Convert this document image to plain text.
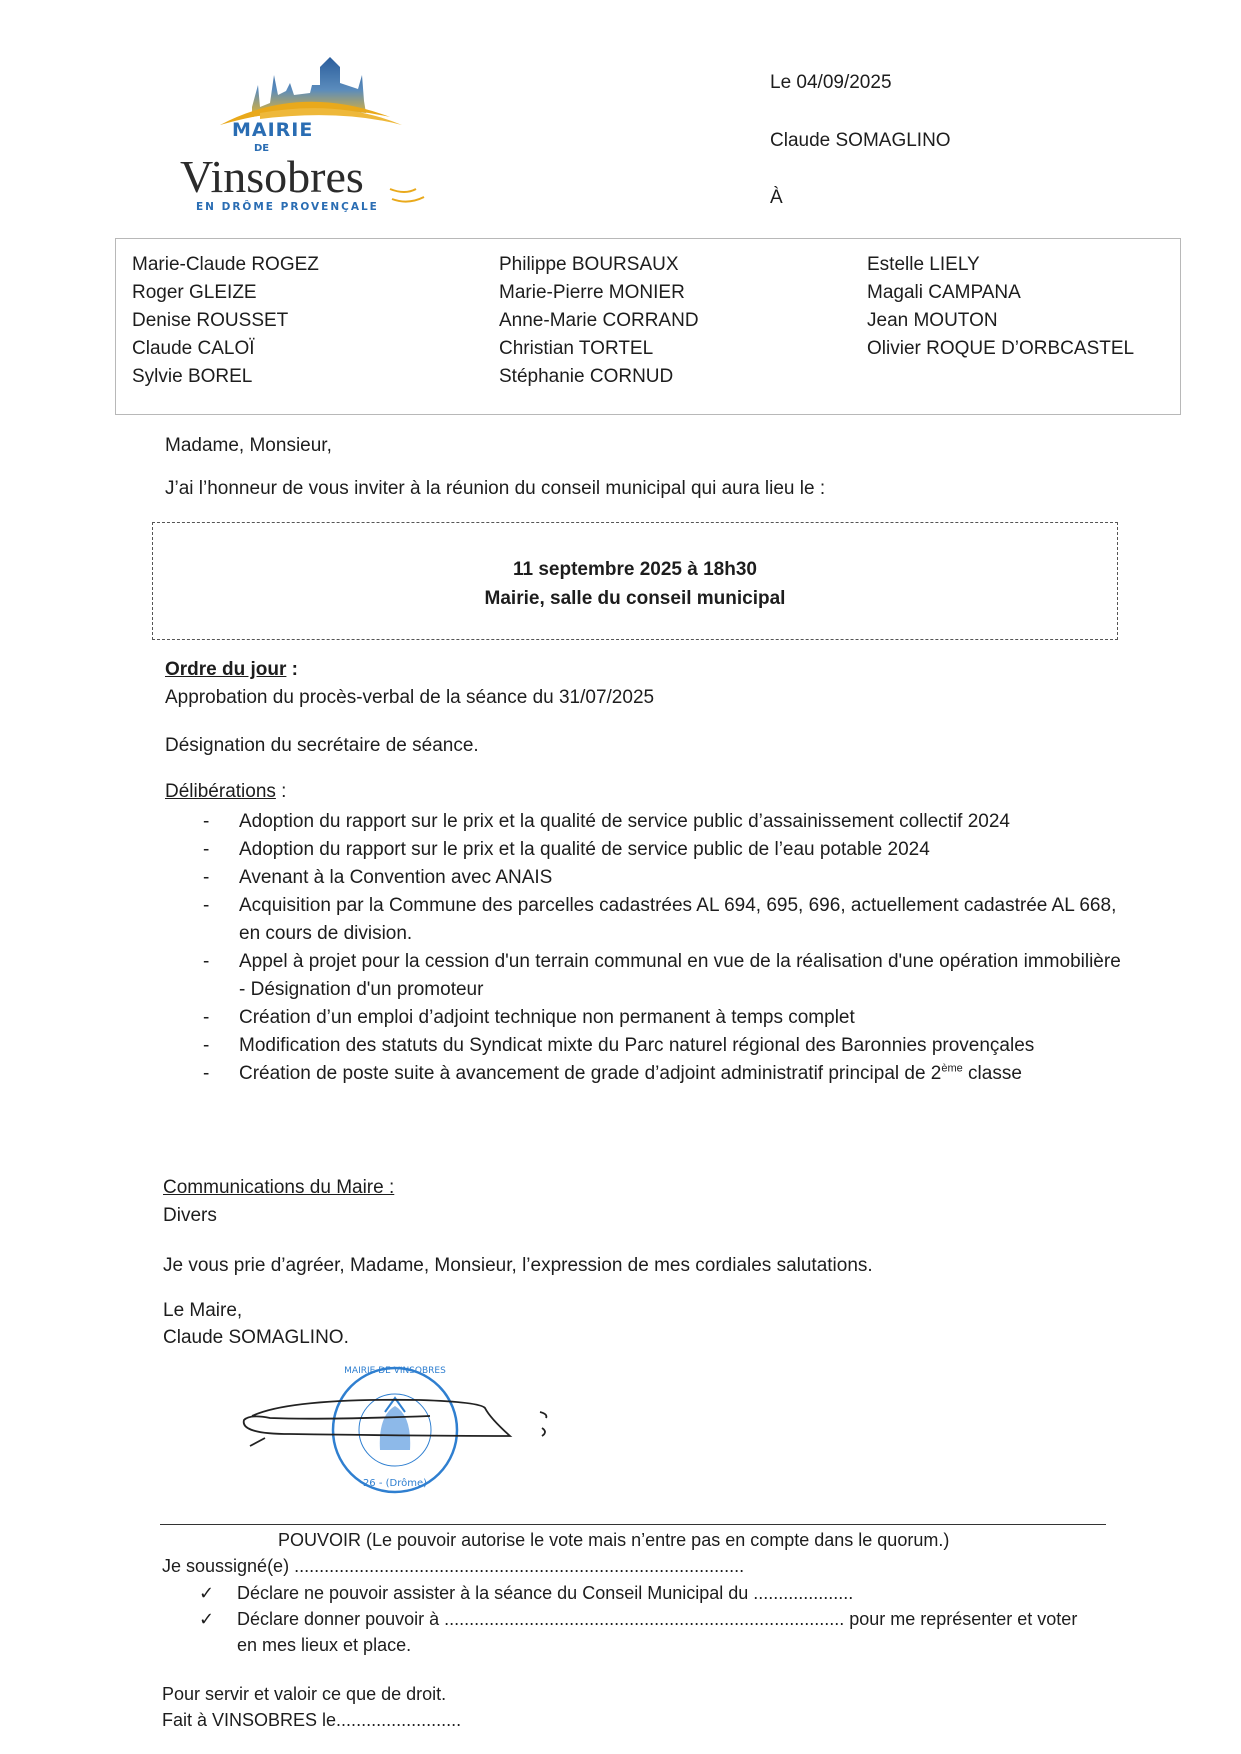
MAIRIE
DE
Vinsobres
EN DRÔME PROVENÇALE
Le 04/09/2025
Claude SOMAGLINO
À
Marie-Claude ROGEZ
Roger GLEIZE
Denise ROUSSET
Claude CALOÏ
Sylvie BOREL
Philippe BOURSAUX
Marie-Pierre MONIER
Anne-Marie CORRAND
Christian TORTEL
Stéphanie CORNUD
Estelle LIELY
Magali CAMPANA
Jean MOUTON
Olivier ROQUE D’ORBCASTEL
Madame, Monsieur,
J’ai l’honneur de vous inviter à la réunion du conseil municipal qui aura lieu le :
11 septembre 2025 à 18h30
Mairie, salle du conseil municipal
Ordre du jour :
Approbation du procès-verbal de la séance du 31/07/2025
Désignation du secrétaire de séance.
Délibérations :
- Adoption du rapport sur le prix et la qualité de service public d’assainissement collectif 2024
- Adoption du rapport sur le prix et la qualité de service public de l’eau potable 2024
- Avenant à la Convention avec ANAIS
- Acquisition par la Commune des parcelles cadastrées AL 694, 695, 696, actuellement cadastrée AL 668, en cours de division.
- Appel à projet pour la cession d'un terrain communal en vue de la réalisation d'une opération immobilière - Désignation d'un promoteur
- Création d’un emploi d’adjoint technique non permanent à temps complet
- Modification des statuts du Syndicat mixte du Parc naturel régional des Baronnies provençales
- Création de poste suite à avancement de grade d’adjoint administratif principal de 2ème classe
Communications du Maire :
Divers
Je vous prie d’agréer, Madame, Monsieur, l’expression de mes cordiales salutations.
Le Maire,
Claude SOMAGLINO.
MAIRIE DE VINSOBRES
26 - (Drôme)
POUVOIR (Le pouvoir autorise le vote mais n’entre pas en compte dans le quorum.)
Je soussigné(e) ..........................................................................................
✓ Déclare ne pouvoir assister à la séance du Conseil Municipal du ....................
✓ Déclare donner pouvoir à ................................................................................ pour me représenter et voter en mes lieux et place.
Pour servir et valoir ce que de droit.
Fait à VINSOBRES le.........................
